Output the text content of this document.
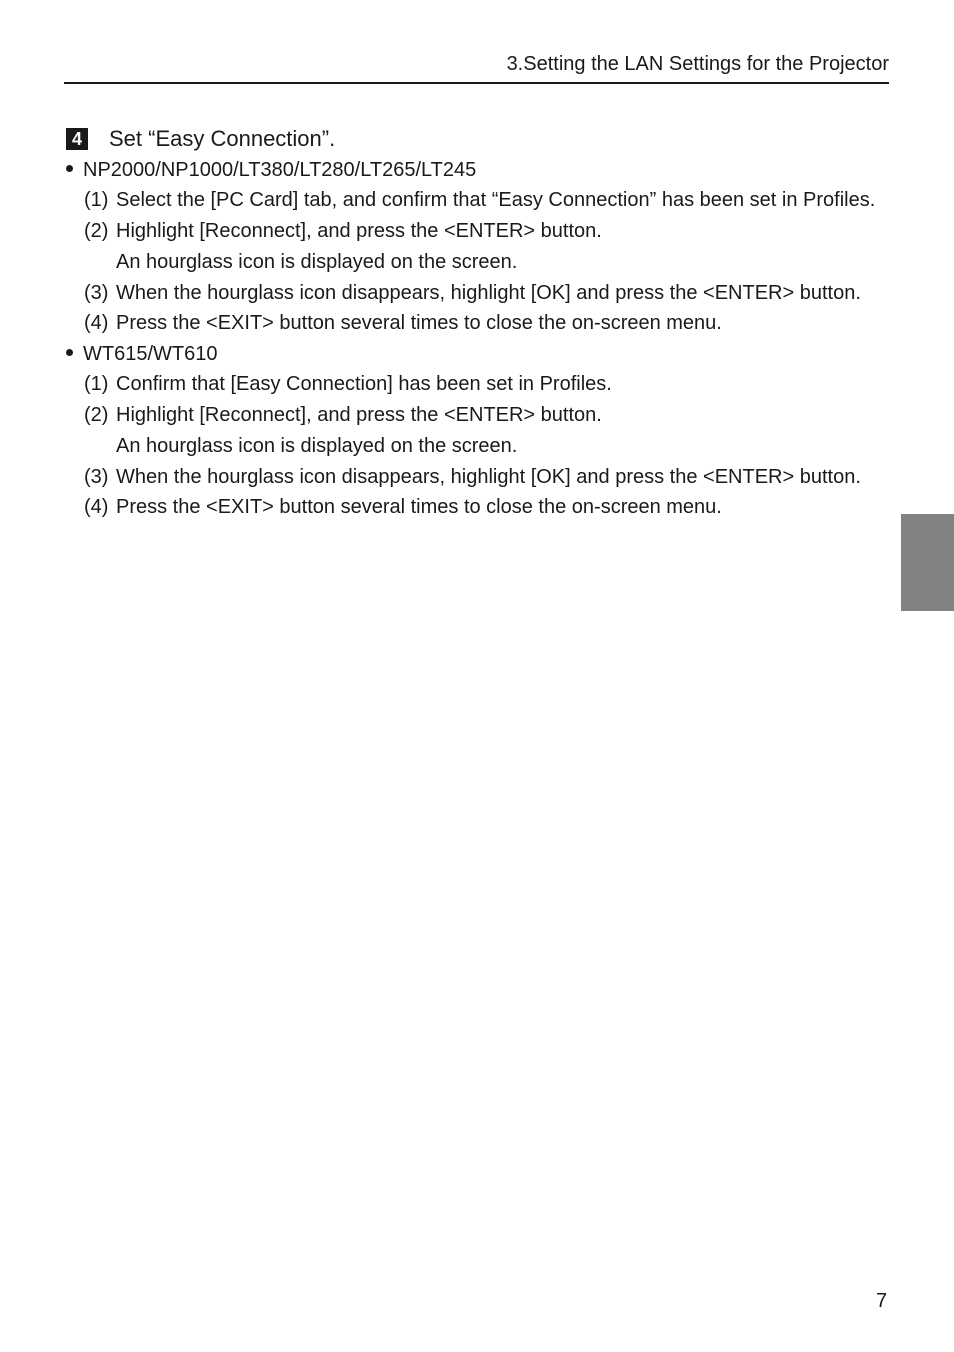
3.Setting the LAN Settings for the Projector
4 Set “Easy Connection”.
NP2000/NP1000/LT380/LT280/LT265/LT245
(1) Select the [PC Card] tab, and confirm that “Easy Connection” has been set in Profiles.
(2) Highlight [Reconnect], and press the <ENTER> button.
An hourglass icon is displayed on the screen.
(3) When the hourglass icon disappears, highlight [OK] and press the <ENTER> button.
(4) Press the <EXIT> button several times to close the on-screen menu.
WT615/WT610
(1) Confirm that [Easy Connection] has been set in Profiles.
(2) Highlight [Reconnect], and press the <ENTER> button.
An hourglass icon is displayed on the screen.
(3) When the hourglass icon disappears, highlight [OK] and press the <ENTER> button.
(4) Press the <EXIT> button several times to close the on-screen menu.
7
